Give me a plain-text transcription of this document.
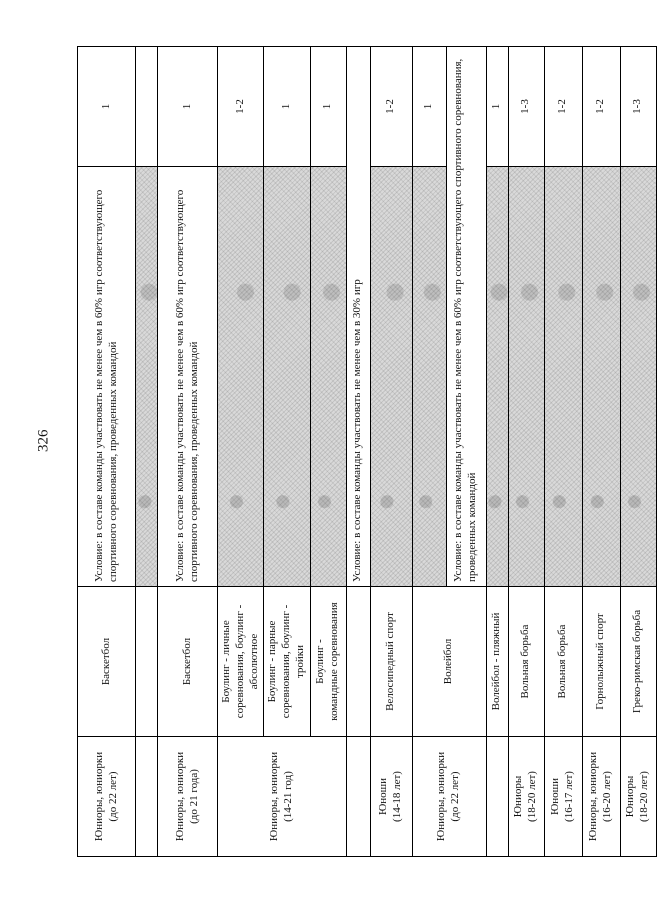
326
Юниоры, юниорки
(до 22 лет)	Баскетбол	Условие: в составе команды участвовать не менее чем в 60% игр соответствующего спортивного соревнования, проведенных командой	1

Юниоры, юниорки
(до 21 года)	Баскетбол	Условие: в составе команды участвовать не менее чем в 60% игр соответствующего спортивного соревнования, проведенных командой	1
Юниоры, юниорки
(14-21 год)	Боулинг - личные соревнования, боулинг - абсолютное		1-2
	Боулинг - парные соревнования, боулинг - тройки		1
	Боулинг -
командные соревнования		1
		Условие: в составе команды участвовать не менее чем в 30% игр	
Юноши
(14-18 лет)	Велосипедный спорт		1-2
Юниоры, юниорки
(до 22 лет)	Волейбол		1
		Условие: в составе команды участвовать не менее чем в 60% игр соответствующего спортивного соревнования, проведенных командой	
	Волейбол - пляжный		1
Юниоры
(18-20 лет)	Вольная борьба		1-3
Юноши
(16-17 лет)	Вольная борьба		1-2
Юниоры, юниорки
(16-20 лет)	Горнолыжный спорт		1-2
Юниоры
(18-20 лет)	Греко-римская борьба		1-3
